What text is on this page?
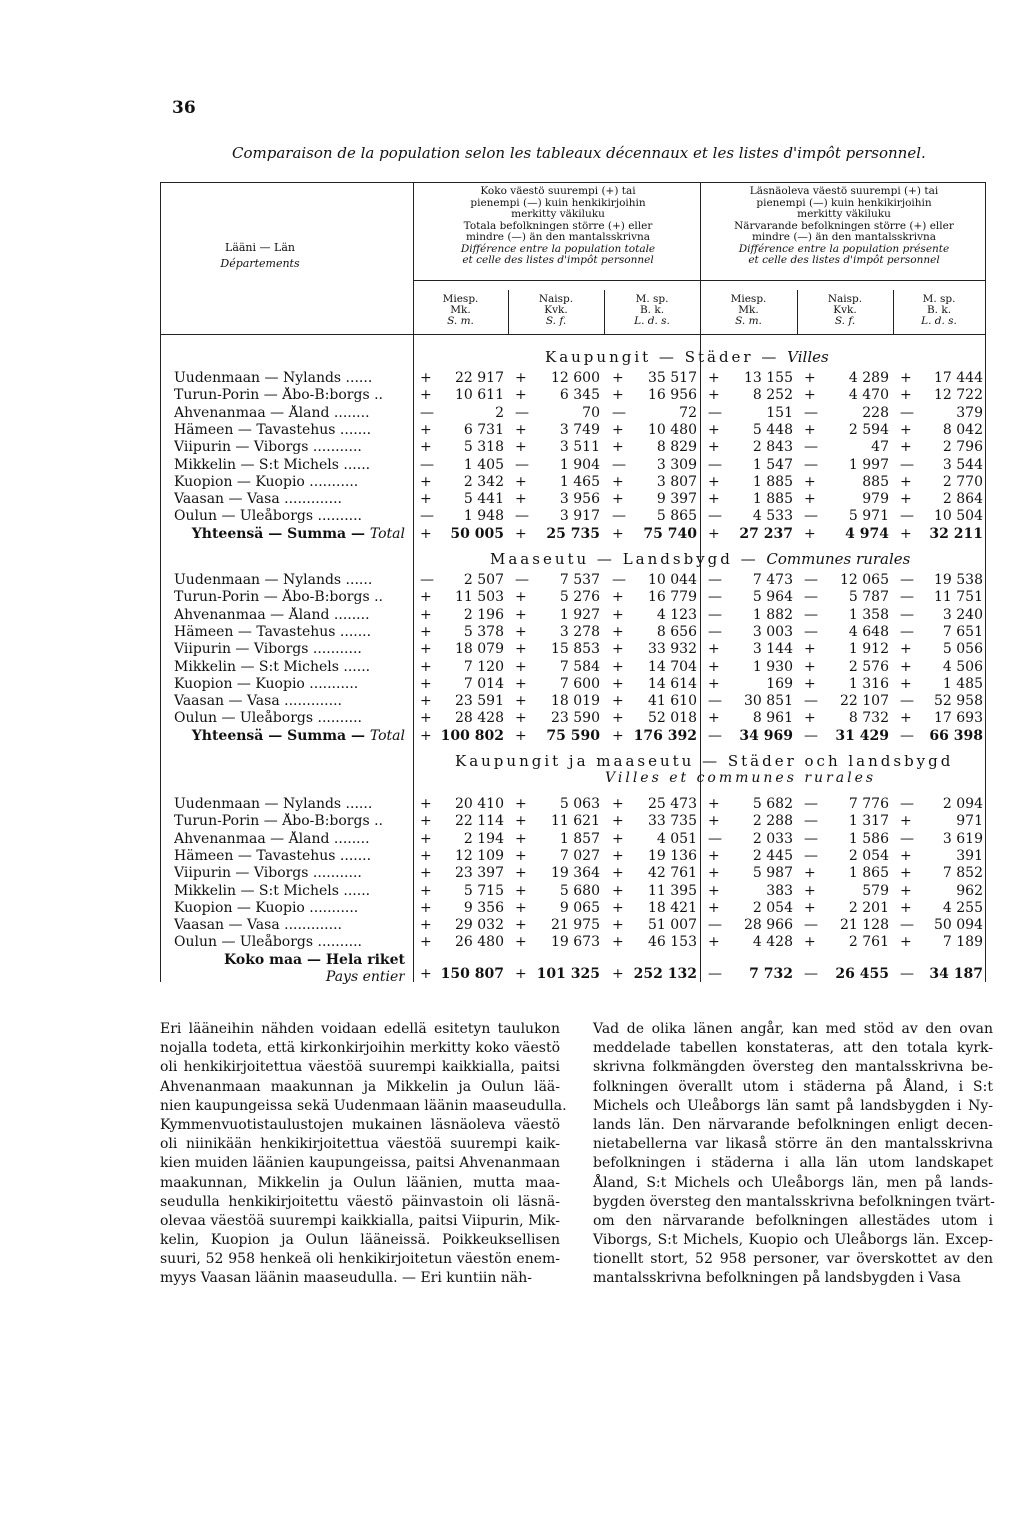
36
Comparaison de la population selon les tableaux décennaux et les listes d'impôt personnel.
Lääni — Län
Départements
Koko väestö suurempi (+) tai
pienempi (—) kuin henkikirjoihin
merkitty väkiluku
Totala befolkningen större (+) eller
mindre (—) än den mantalsskrivna
Différence entre la population totale
et celle des listes d'impôt personnel
Läsnäoleva väestö suurempi (+) tai
pienempi (—) kuin henkikirjoihin
merkitty väkiluku
Närvarande befolkningen större (+) eller
mindre (—) än den mantalsskrivna
Différence entre la population présente
et celle des listes d'impôt personnel
Miesp.
Mk.
S. m.
Naisp.
Kvk.
S. f.
M. sp.
B. k.
L. d. s.
Miesp.
Mk.
S. m.
Naisp.
Kvk.
S. f.
M. sp.
B. k.
L. d. s.
Kaupungit — Städer — Villes
Uudenmaan — Nylands ......	+ 22 917 + 12 600 + 35 517 + 13 155 + 4 289 + 17 444
Turun-Porin — Åbo-B:borgs ..	+ 10 611 + 6 345 + 16 956 + 8 252 + 4 470 + 12 722
Ahvenanmaa — Åland ........	—	2 —	70 —	72 —	151 —	228 —	379
Hämeen — Tavastehus .......	+ 6 731 + 3 749 + 10 480 + 5 448 + 2 594 + 8 042
Viipurin — Viborgs ...........	+ 5 318 + 3 511 + 8 829 + 2 843 —	47 + 2 796
Mikkelin — S:t Michels ......	— 1 405 — 1 904 — 3 309 — 1 547 — 1 997 — 3 544
Kuopion — Kuopio ...........	+ 2 342 + 1 465 + 3 807 + 1 885 +	885 + 2 770
Vaasan — Vasa .............	+ 5 441 + 3 956 + 9 397 + 1 885 +	979 + 2 864
Oulun — Uleåborgs ..........	— 1 948 — 3 917 — 5 865 — 4 533 — 5 971 — 10 504
Yhteensä — Summa — Total + 50 005 + 25 735 + 75 740 + 27 237 + 4 974 + 32 211
Maaseutu — Landsbygd — Communes rurales
Uudenmaan — Nylands ......	— 2 507 — 7 537 — 10 044 — 7 473 — 12 065 — 19 538
Turun-Porin — Åbo-B:borgs ..	+ 11 503 + 5 276 + 16 779 — 5 964 — 5 787 — 11 751
Ahvenanmaa — Åland ........	+ 2 196 + 1 927 + 4 123 — 1 882 — 1 358 — 3 240
Hämeen — Tavastehus .......	+ 5 378 + 3 278 + 8 656 — 3 003 — 4 648 — 7 651
Viipurin — Viborgs ...........	+ 18 079 + 15 853 + 33 932 + 3 144 + 1 912 + 5 056
Mikkelin — S:t Michels ......	+ 7 120 + 7 584 + 14 704 + 1 930 + 2 576 + 4 506
Kuopion — Kuopio ...........	+ 7 014 + 7 600 + 14 614 +	169 + 1 316 + 1 485
Vaasan — Vasa .............	+ 23 591 + 18 019 + 41 610 — 30 851 — 22 107 — 52 958
Oulun — Uleåborgs ..........	+ 28 428 + 23 590 + 52 018 + 8 961 + 8 732 + 17 693
Yhteensä — Summa — Total + 100 802 + 75 590 + 176 392 — 34 969 — 31 429 — 66 398
Kaupungit ja maaseutu — Städer och landsbygd
Villes et communes rurales
Uudenmaan — Nylands ......	+ 20 410 + 5 063 + 25 473 + 5 682 — 7 776 — 2 094
Turun-Porin — Åbo-B:borgs ..	+ 22 114 + 11 621 + 33 735 + 2 288 — 1 317 +	971
Ahvenanmaa — Åland ........	+ 2 194 + 1 857 + 4 051 — 2 033 — 1 586 — 3 619
Hämeen — Tavastehus .......	+ 12 109 + 7 027 + 19 136 + 2 445 — 2 054 +	391
Viipurin — Viborgs ...........	+ 23 397 + 19 364 + 42 761 + 5 987 + 1 865 + 7 852
Mikkelin — S:t Michels ......	+ 5 715 + 5 680 + 11 395 +	383 +	579 +	962
Kuopion — Kuopio ...........	+ 9 356 + 9 065 + 18 421 + 2 054 + 2 201 + 4 255
Vaasan — Vasa .............	+ 29 032 + 21 975 + 51 007 — 28 966 — 21 128 — 50 094
Oulun — Uleåborgs ..........	+ 26 480 + 19 673 + 46 153 + 4 428 + 2 761 + 7 189
Koko maa — Hela riket
Pays entier + 150 807 + 101 325 + 252 132 — 7 732 — 26 455 — 34 187
Eri lääneihin nähden voidaan edellä esitetyn taulukon
nojalla todeta, että kirkonkirjoihin merkitty koko väestö
oli henkikirjoitettua väestöä suurempi kaikkialla, paitsi
Ahvenanmaan maakunnan ja Mikkelin ja Oulun lää-
nien kaupungeissa sekä Uudenmaan läänin maaseudulla.
Kymmenvuotistaulustojen mukainen läsnäoleva väestö
oli niinikään henkikirjoitettua väestöä suurempi kaik-
kien muiden läänien kaupungeissa, paitsi Ahvenanmaan
maakunnan, Mikkelin ja Oulun läänien, mutta maa-
seudulla henkikirjoitettu väestö päinvastoin oli läsnä-
olevaa väestöä suurempi kaikkialla, paitsi Viipurin, Mik-
kelin, Kuopion ja Oulun lääneissä. Poikkeuksellisen
suuri, 52 958 henkeä oli henkikirjoitetun väestön enem-
myys Vaasan läänin maaseudulla. — Eri kuntiin näh-
Vad de olika länen angår, kan med stöd av den ovan
meddelade tabellen konstateras, att den totala kyrk-
skrivna folkmängden översteg den mantalsskrivna be-
folkningen överallt utom i städerna på Åland, i S:t
Michels och Uleåborgs län samt på landsbygden i Ny-
lands län. Den närvarande befolkningen enligt decen-
nietabellerna var likaså större än den mantalsskrivna
befolkningen i städerna i alla län utom landskapet
Åland, S:t Michels och Uleåborgs län, men på lands-
bygden översteg den mantalsskrivna befolkningen tvärt-
om den närvarande befolkningen allestädes utom i
Viborgs, S:t Michels, Kuopio och Uleåborgs län. Excep-
tionellt stort, 52 958 personer, var överskottet av den
mantalsskrivna befolkningen på landsbygden i Vasa
